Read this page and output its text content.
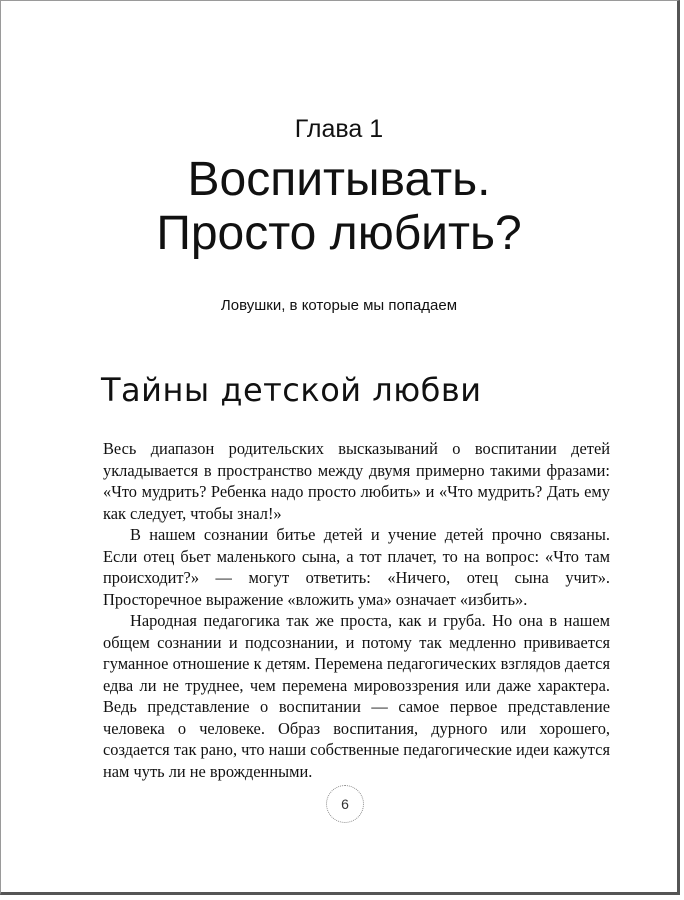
Глава 1
Воспитывать.
Просто любить?
Ловушки, в которые мы попадаем
Тайны детской любви

Весь диапазон родительских высказываний о воспитании детей укладывается в пространство между двумя примерно такими фразами: «Что мудрить? Ребенка надо просто любить» и «Что мудрить? Дать ему как следует, чтобы знал!»

В нашем сознании битье детей и учение детей прочно связаны. Если отец бьет маленького сына, а тот плачет, то на вопрос: «Что там происходит?» — могут ответить: «Ничего, отец сына учит». Просторечное выражение «вложить ума» означает «избить».

Народная педагогика так же проста, как и груба. Но она в нашем общем сознании и подсознании, и потому так медленно прививается гуманное отношение к детям. Перемена педагогических взглядов дается едва ли не труднее, чем перемена мировоззрения или даже характера. Ведь представление о воспитании — самое первое представление человека о человеке. Образ воспитания, дурного или хорошего, создается так рано, что наши собственные педагогические идеи кажутся нам чуть ли не врожденными.

6
